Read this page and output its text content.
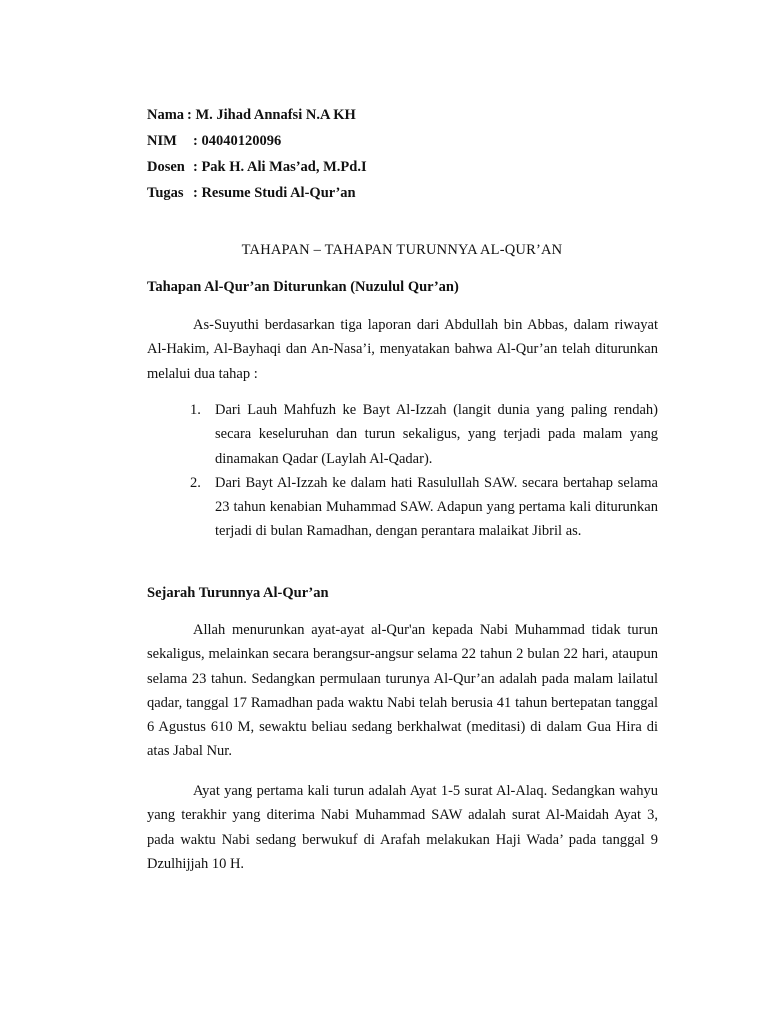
Nama : M. Jihad Annafsi N.A KH
NIM	: 04040120096
Dosen : Pak H. Ali Mas’ad, M.Pd.I
Tugas : Resume Studi Al-Qur’an
TAHAPAN – TAHAPAN TURUNNYA AL-QUR’AN
Tahapan Al-Qur’an Diturunkan (Nuzulul Qur’an)
As-Suyuthi berdasarkan tiga laporan dari Abdullah bin Abbas, dalam riwayat Al-Hakim, Al-Bayhaqi dan An-Nasa’i, menyatakan bahwa Al-Qur’an telah diturunkan melalui dua tahap :
1. Dari Lauh Mahfuzh ke Bayt Al-Izzah (langit dunia yang paling rendah) secara keseluruhan dan turun sekaligus, yang terjadi pada malam yang dinamakan Qadar (Laylah Al-Qadar).
2. Dari Bayt Al-Izzah ke dalam hati Rasulullah SAW. secara bertahap selama 23 tahun kenabian Muhammad SAW. Adapun yang pertama kali diturunkan terjadi di bulan Ramadhan, dengan perantara malaikat Jibril as.
Sejarah Turunnya Al-Qur’an
Allah menurunkan ayat-ayat al-Qur'an kepada Nabi Muhammad tidak turun sekaligus, melainkan secara berangsur-angsur selama 22 tahun 2 bulan 22 hari, ataupun selama 23 tahun. Sedangkan permulaan turunya Al-Qur’an adalah pada malam lailatul qadar, tanggal 17 Ramadhan pada waktu Nabi telah berusia 41 tahun bertepatan tanggal 6 Agustus 610 M, sewaktu beliau sedang berkhalwat (meditasi) di dalam Gua Hira di atas Jabal Nur.
Ayat yang pertama kali turun adalah Ayat 1-5 surat Al-Alaq. Sedangkan wahyu yang terakhir yang diterima Nabi Muhammad SAW adalah surat Al-Maidah Ayat 3, pada waktu Nabi sedang berwukuf di Arafah melakukan Haji Wada’ pada tanggal 9 Dzulhijjah 10 H.
